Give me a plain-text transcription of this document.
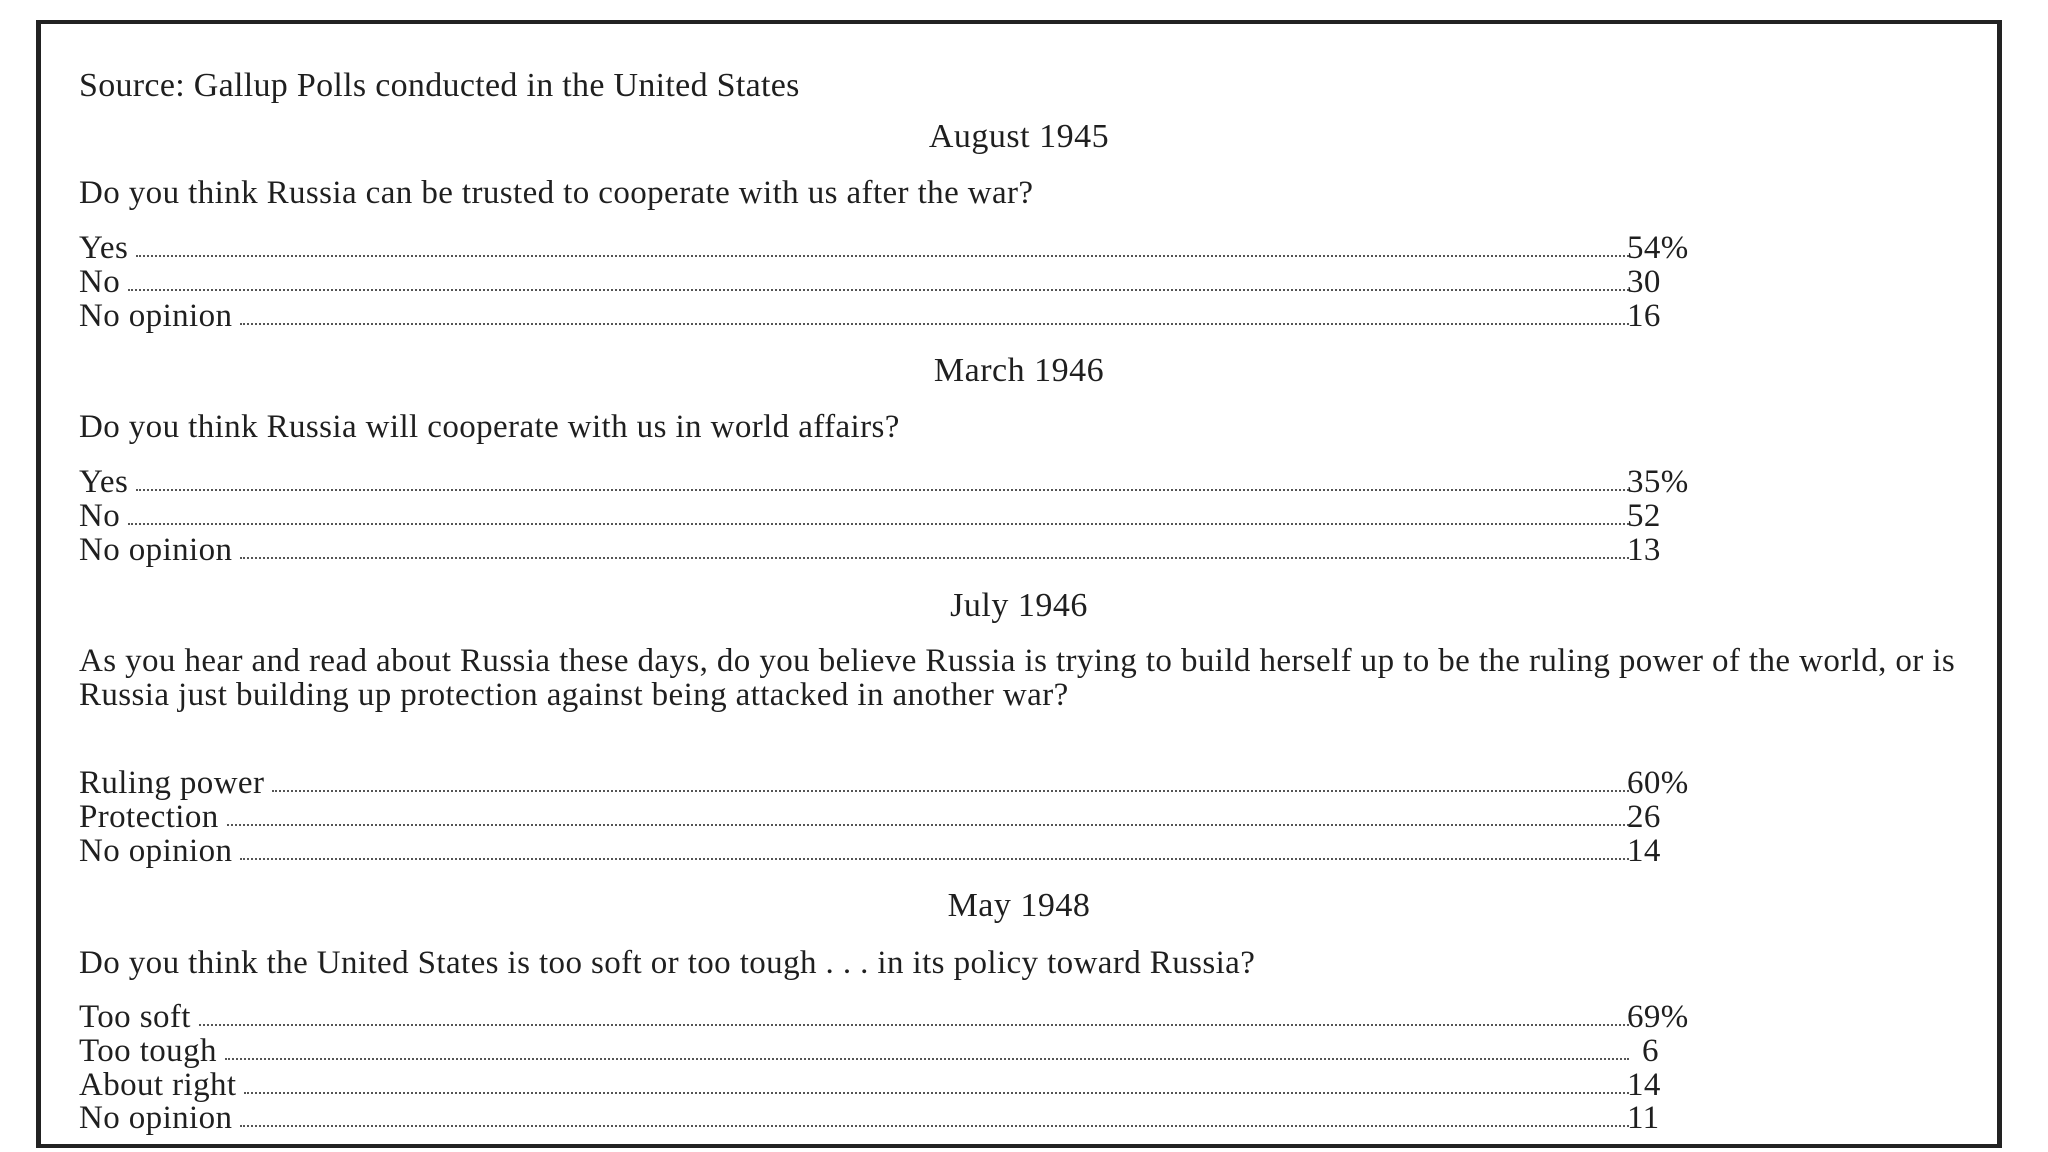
Source: Gallup Polls conducted in the United States
August 1945
Do you think Russia can be trusted to cooperate with us after the war?
Yes	54%
No	30
No opinion	16
March 1946
Do you think Russia will cooperate with us in world affairs?
Yes	35%
No	52
No opinion	13
July 1946
As you hear and read about Russia these days, do you believe Russia is trying to build herself up to be the ruling power of the world, or is Russia just building up protection against being attacked in another war?
Ruling power	60%
Protection	26
No opinion	14
May 1948
Do you think the United States is too soft or too tough . . . in its policy toward Russia?
Too soft	69%
Too tough	6
About right	14
No opinion	11
